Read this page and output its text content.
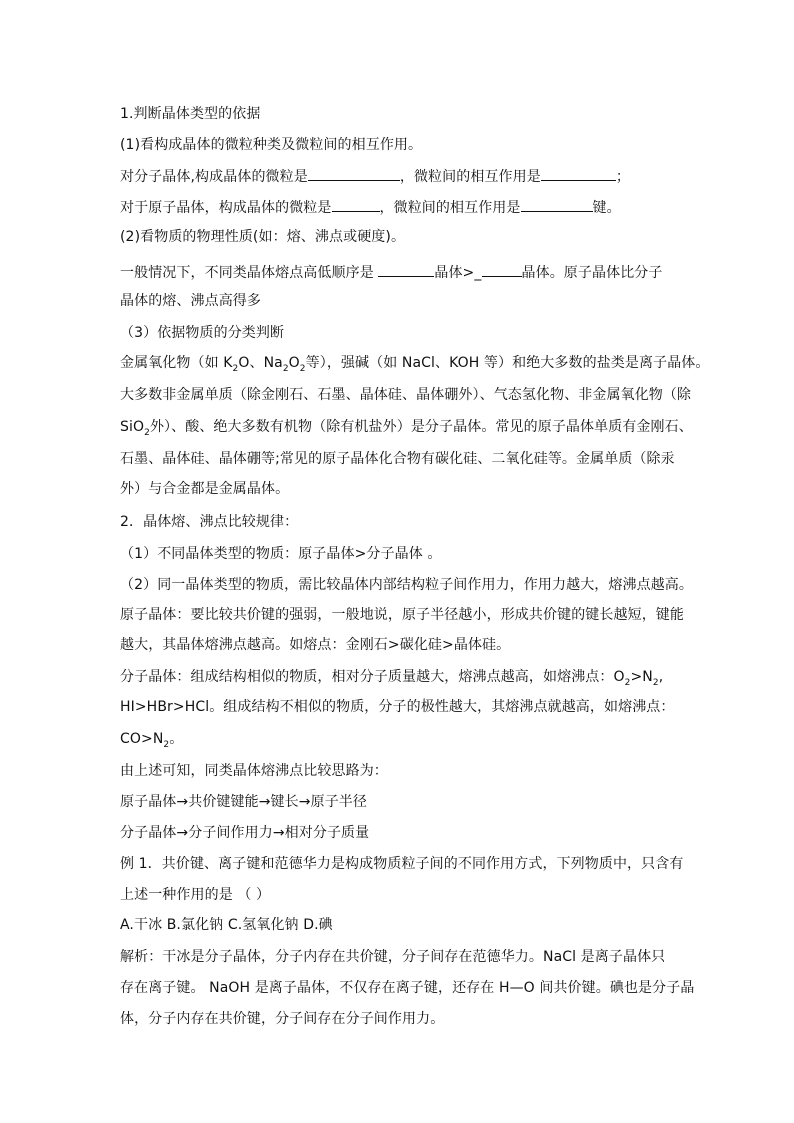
1.判断晶体类型的依据
(1)看构成晶体的微粒种类及微粒间的相互作用。
对分子晶体,构成晶体的微粒是	，微粒间的相互作用是	；
对于原子晶体，构成晶体的微粒是	，微粒间的相互作用是	键。
(2)看物质的物理性质(如：熔、沸点或硬度)。
一般情况下，不同类晶体熔点高低顺序是	晶体>_	晶体。原子晶体比分子
晶体的熔、沸点高得多
（3）依据物质的分类判断
金属氧化物（如 $K_2O$、$Na_2O_2$等），强碱（如 NaCl、KOH 等）和绝大多数的盐类是离子晶体。
大多数非金属单质（除金刚石、石墨、晶体硅、晶体硼外）、气态氢化物、非金属氧化物（除
SiO$_2$外）、酸、绝大多数有机物（除有机盐外）是分子晶体。常见的原子晶体单质有金刚石、
石墨、晶体硅、晶体硼等;常见的原子晶体化合物有碳化硅、二氧化硅等。金属单质（除汞
外）与合金都是金属晶体。
2．晶体熔、沸点比较规律：
（1）不同晶体类型的物质：原子晶体>分子晶体 。
（2）同一晶体类型的物质，需比较晶体内部结构粒子间作用力，作用力越大，熔沸点越高。
原子晶体：要比较共价键的强弱，一般地说，原子半径越小，形成共价键的键长越短，键能
越大，其晶体熔沸点越高。如熔点：金刚石>碳化硅>晶体硅。
分子晶体：组成结构相似的物质，相对分子质量越大，熔沸点越高，如熔沸点：$O_2>N_2$,
HI>HBr>HCl。组成结构不相似的物质，分子的极性越大，其熔沸点就越高，如熔沸点：
$CO>N_2$。
由上述可知，同类晶体熔沸点比较思路为：
原子晶体→共价键键能→键长→原子半径
分子晶体→分子间作用力→相对分子质量
例 1．共价键、离子键和范德华力是构成物质粒子间的不同作用方式，下列物质中，只含有
上述一种作用的是 （ ）
A.干冰 B.氯化钠 C.氢氧化钠 D.碘
解析：干冰是分子晶体，分子内存在共价键，分子间存在范德华力。NaCl 是离子晶体只
存在离子键。 NaOH 是离子晶体，不仅存在离子键，还存在 H—O 间共价键。碘也是分子晶
体，分子内存在共价键，分子间存在分子间作用力。
